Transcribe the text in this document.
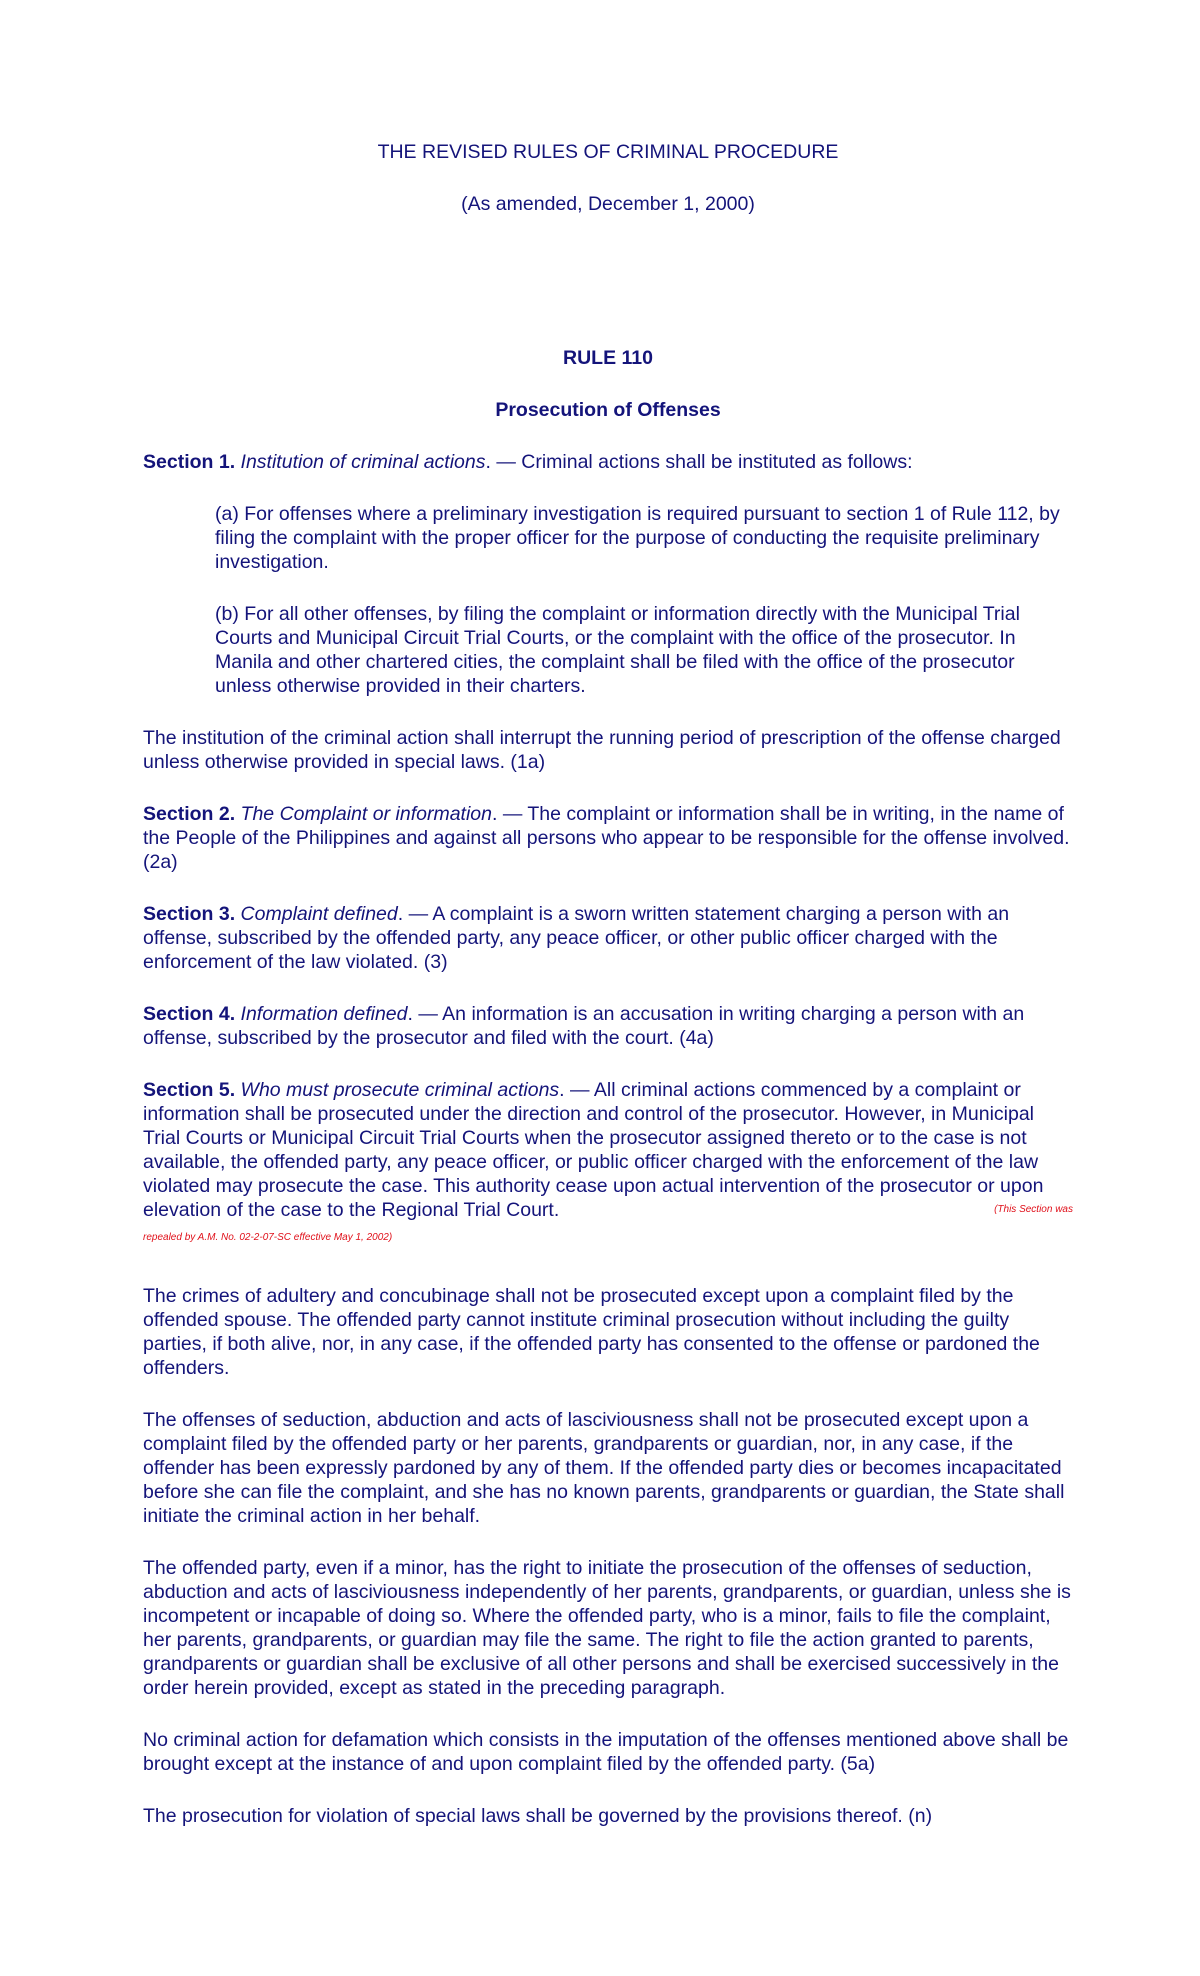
THE REVISED RULES OF CRIMINAL PROCEDURE
(As amended, December 1, 2000)
RULE 110
Prosecution of Offenses

Section 1. Institution of criminal actions. — Criminal actions shall be instituted as follows:

(a) For offenses where a preliminary investigation is required pursuant to section 1 of Rule 112, by filing the complaint with the proper officer for the purpose of conducting the requisite preliminary investigation.

(b) For all other offenses, by filing the complaint or information directly with the Municipal Trial Courts and Municipal Circuit Trial Courts, or the complaint with the office of the prosecutor. In Manila and other chartered cities, the complaint shall be filed with the office of the prosecutor unless otherwise provided in their charters.

The institution of the criminal action shall interrupt the running period of prescription of the offense charged unless otherwise provided in special laws. (1a)

Section 2. The Complaint or information. — The complaint or information shall be in writing, in the name of the People of the Philippines and against all persons who appear to be responsible for the offense involved. (2a)

Section 3. Complaint defined. — A complaint is a sworn written statement charging a person with an offense, subscribed by the offended party, any peace officer, or other public officer charged with the enforcement of the law violated. (3)

Section 4. Information defined. — An information is an accusation in writing charging a person with an offense, subscribed by the prosecutor and filed with the court. (4a)

Section 5. Who must prosecute criminal actions. — All criminal actions commenced by a complaint or information shall be prosecuted under the direction and control of the prosecutor. However, in Municipal Trial Courts or Municipal Circuit Trial Courts when the prosecutor assigned thereto or to the case is not available, the offended party, any peace officer, or public officer charged with the enforcement of the law violated may prosecute the case. This authority cease upon actual intervention of the prosecutor or upon elevation of the case to the Regional Trial Court.	(This Section was

repealed by A.M. No. 02-2-07-SC effective May 1, 2002)

The crimes of adultery and concubinage shall not be prosecuted except upon a complaint filed by the offended spouse. The offended party cannot institute criminal prosecution without including the guilty parties, if both alive, nor, in any case, if the offended party has consented to the offense or pardoned the offenders.

The offenses of seduction, abduction and acts of lasciviousness shall not be prosecuted except upon a complaint filed by the offended party or her parents, grandparents or guardian, nor, in any case, if the offender has been expressly pardoned by any of them. If the offended party dies or becomes incapacitated before she can file the complaint, and she has no known parents, grandparents or guardian, the State shall initiate the criminal action in her behalf.

The offended party, even if a minor, has the right to initiate the prosecution of the offenses of seduction, abduction and acts of lasciviousness independently of her parents, grandparents, or guardian, unless she is incompetent or incapable of doing so. Where the offended party, who is a minor, fails to file the complaint, her parents, grandparents, or guardian may file the same. The right to file the action granted to parents, grandparents or guardian shall be exclusive of all other persons and shall be exercised successively in the order herein provided, except as stated in the preceding paragraph.

No criminal action for defamation which consists in the imputation of the offenses mentioned above shall be brought except at the instance of and upon complaint filed by the offended party. (5a)

The prosecution for violation of special laws shall be governed by the provisions thereof. (n)
